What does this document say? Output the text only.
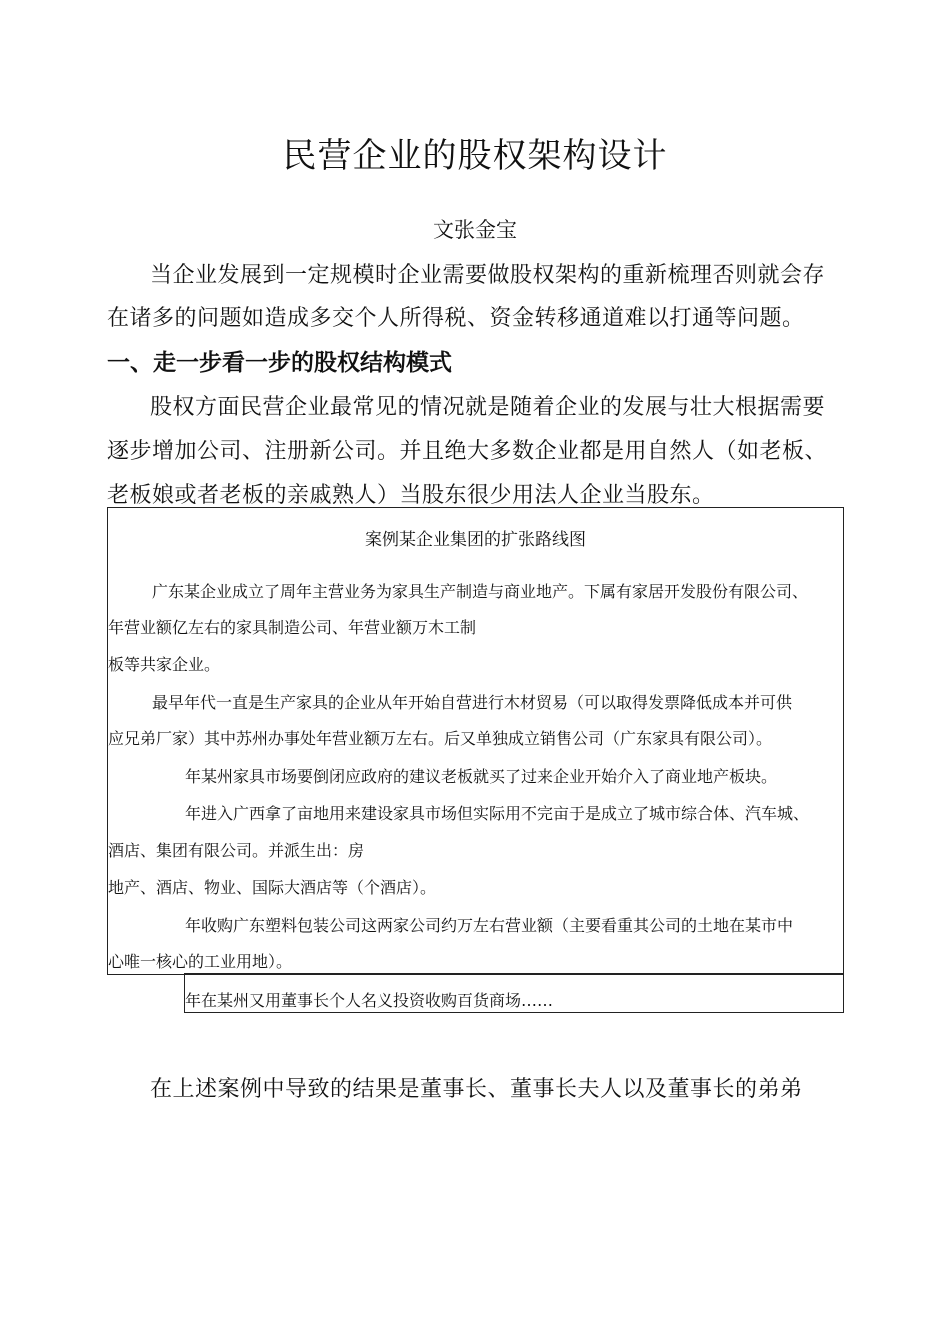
民营企业的股权架构设计
文张金宝
当企业发展到一定规模时企业需要做股权架构的重新梳理否则就会存
在诸多的问题如造成多交个人所得税、资金转移通道难以打通等问题。
一、走一步看一步的股权结构模式
股权方面民营企业最常见的情况就是随着企业的发展与壮大根据需要
逐步增加公司、注册新公司。并且绝大多数企业都是用自然人（如老板、
老板娘或者老板的亲戚熟人）当股东很少用法人企业当股东。
案例某企业集团的扩张路线图
广东某企业成立了周年主营业务为家具生产制造与商业地产。下属有家居开发股份有限公司、
年营业额亿左右的家具制造公司、年营业额万木工制
板等共家企业。
最早年代一直是生产家具的企业从年开始自营进行木材贸易（可以取得发票降低成本并可供
应兄弟厂家）其中苏州办事处年营业额万左右。后又单独成立销售公司（广东家具有限公司）。
年某州家具市场要倒闭应政府的建议老板就买了过来企业开始介入了商业地产板块。
年进入广西拿了亩地用来建设家具市场但实际用不完亩于是成立了城市综合体、汽车城、
酒店、集团有限公司。并派生出：房
地产、酒店、物业、国际大酒店等（个酒店）。
年收购广东塑料包装公司这两家公司约万左右营业额（主要看重其公司的土地在某市中
心唯一核心的工业用地）。
年在某州又用董事长个人名义投资收购百货商场……
在上述案例中导致的结果是董事长、董事长夫人以及董事长的弟弟
